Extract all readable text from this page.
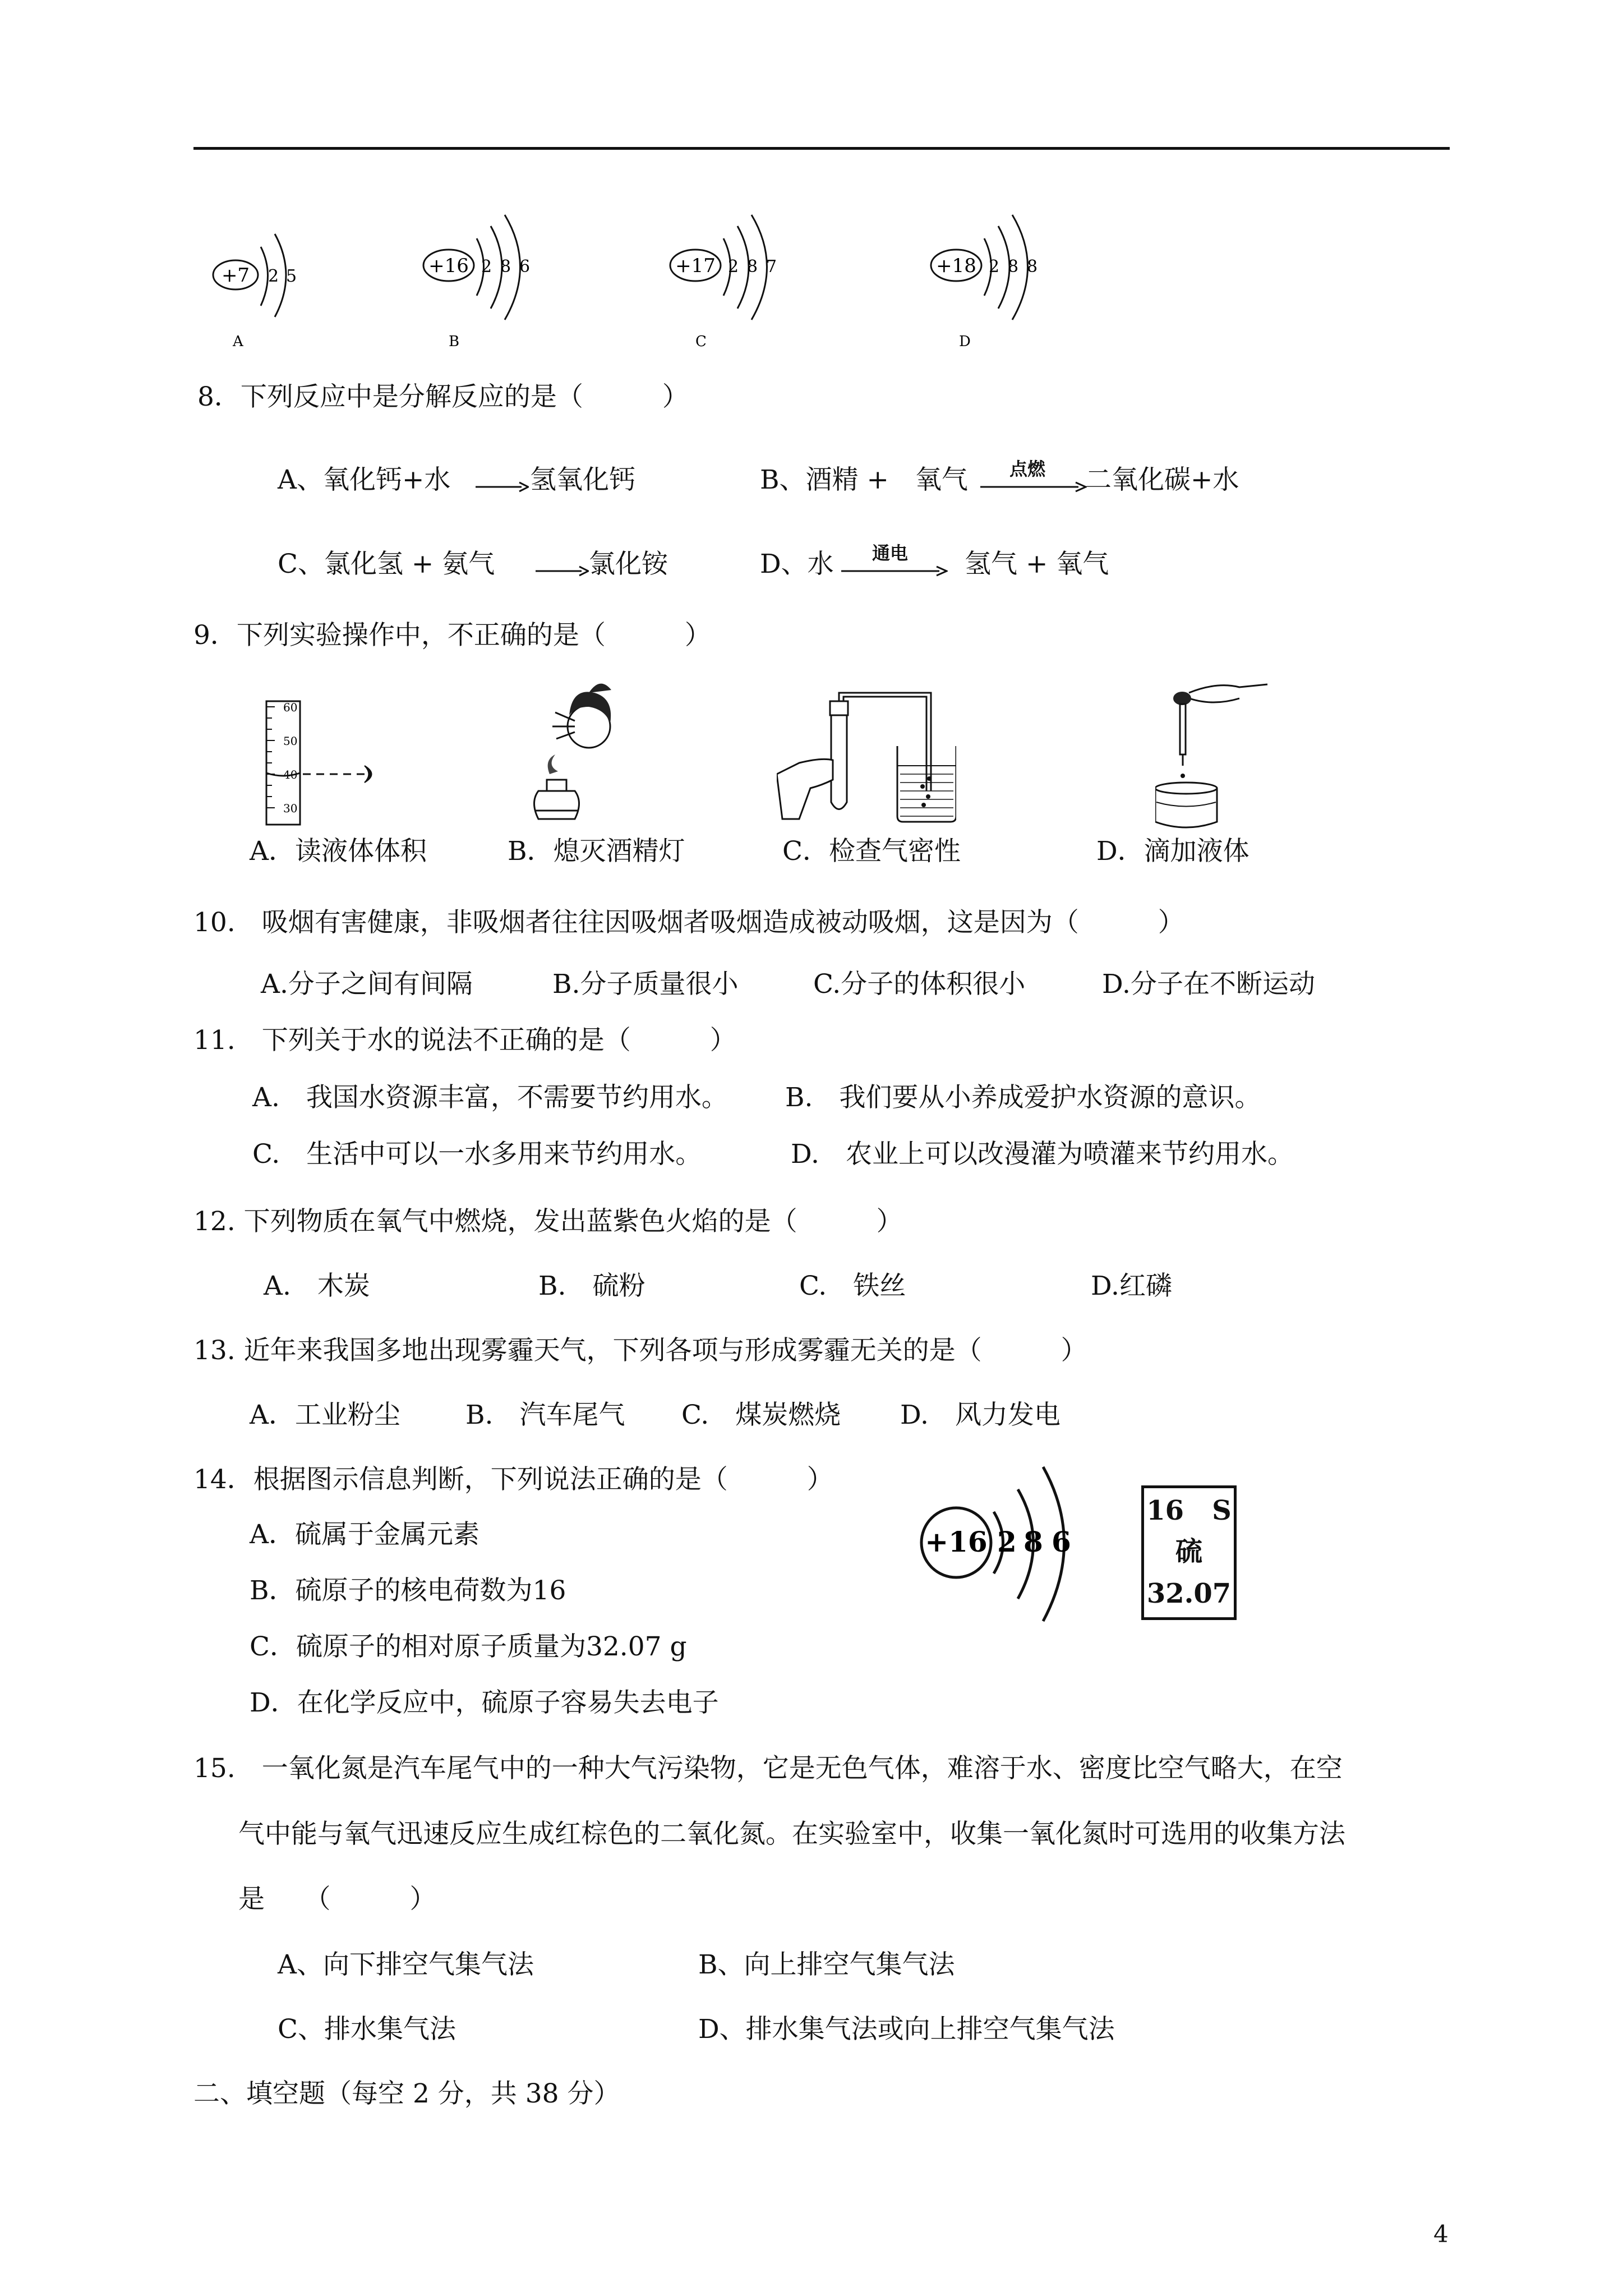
+7 2 5
A
+16 2 8 6
B
+17 2 8 7
C
+18 2 8 8
D
8．下列反应中是分解反应的是（　　　）
A、氧化钙+水	氢氧化钙	B、酒精 +　氧气 点燃 二氧化碳+水
C、氯化氢 + 氨气	氯化铵	D、水 通电 氢气 + 氧气
9．下列实验操作中，不正确的是（　　　）
60
50
40
30
A．读液体体积	B．熄灭酒精灯	C．检查气密性	D．滴加液体
10.　吸烟有害健康，非吸烟者往往因吸烟者吸烟造成被动吸烟，这是因为（　　　）
A.分子之间有间隔	B.分子质量很小	C.分子的体积很小	D.分子在不断运动
11.　下列关于水的说法不正确的是（　　　）
A.　我国水资源丰富，不需要节约用水。 B.　我们要从小养成爱护水资源的意识。
C.　生活中可以一水多用来节约用水。	D.　农业上可以改漫灌为喷灌来节约用水。
12. 下列物质在氧气中燃烧，发出蓝紫色火焰的是（　　　）
A.　木炭	B.　硫粉	C.　铁丝	D.红磷
13. 近年来我国多地出现雾霾天气，下列各项与形成雾霾无关的是（　　　）
A．工业粉尘 B.　汽车尾气 C.　煤炭燃烧 D.　风力发电
14．根据图示信息判断，下列说法正确的是（　　　）
A．硫属于金属元素
B．硫原子的核电荷数为16
C．硫原子的相对原子质量为32.07 g
D．在化学反应中，硫原子容易失去电子
+16 2 8 6
16 S
硫
32.07
15.　一氧化氮是汽车尾气中的一种大气污染物，它是无色气体，难溶于水、密度比空气略大，在空
气中能与氧气迅速反应生成红棕色的二氧化氮。在实验室中，收集一氧化氮时可选用的收集方法
是　　（　　　）
A、向下排空气集气法	B、向上排空气集气法
C、排水集气法	D、排水集气法或向上排空气集气法
二、填空题（每空 2 分，共 38 分）
4
